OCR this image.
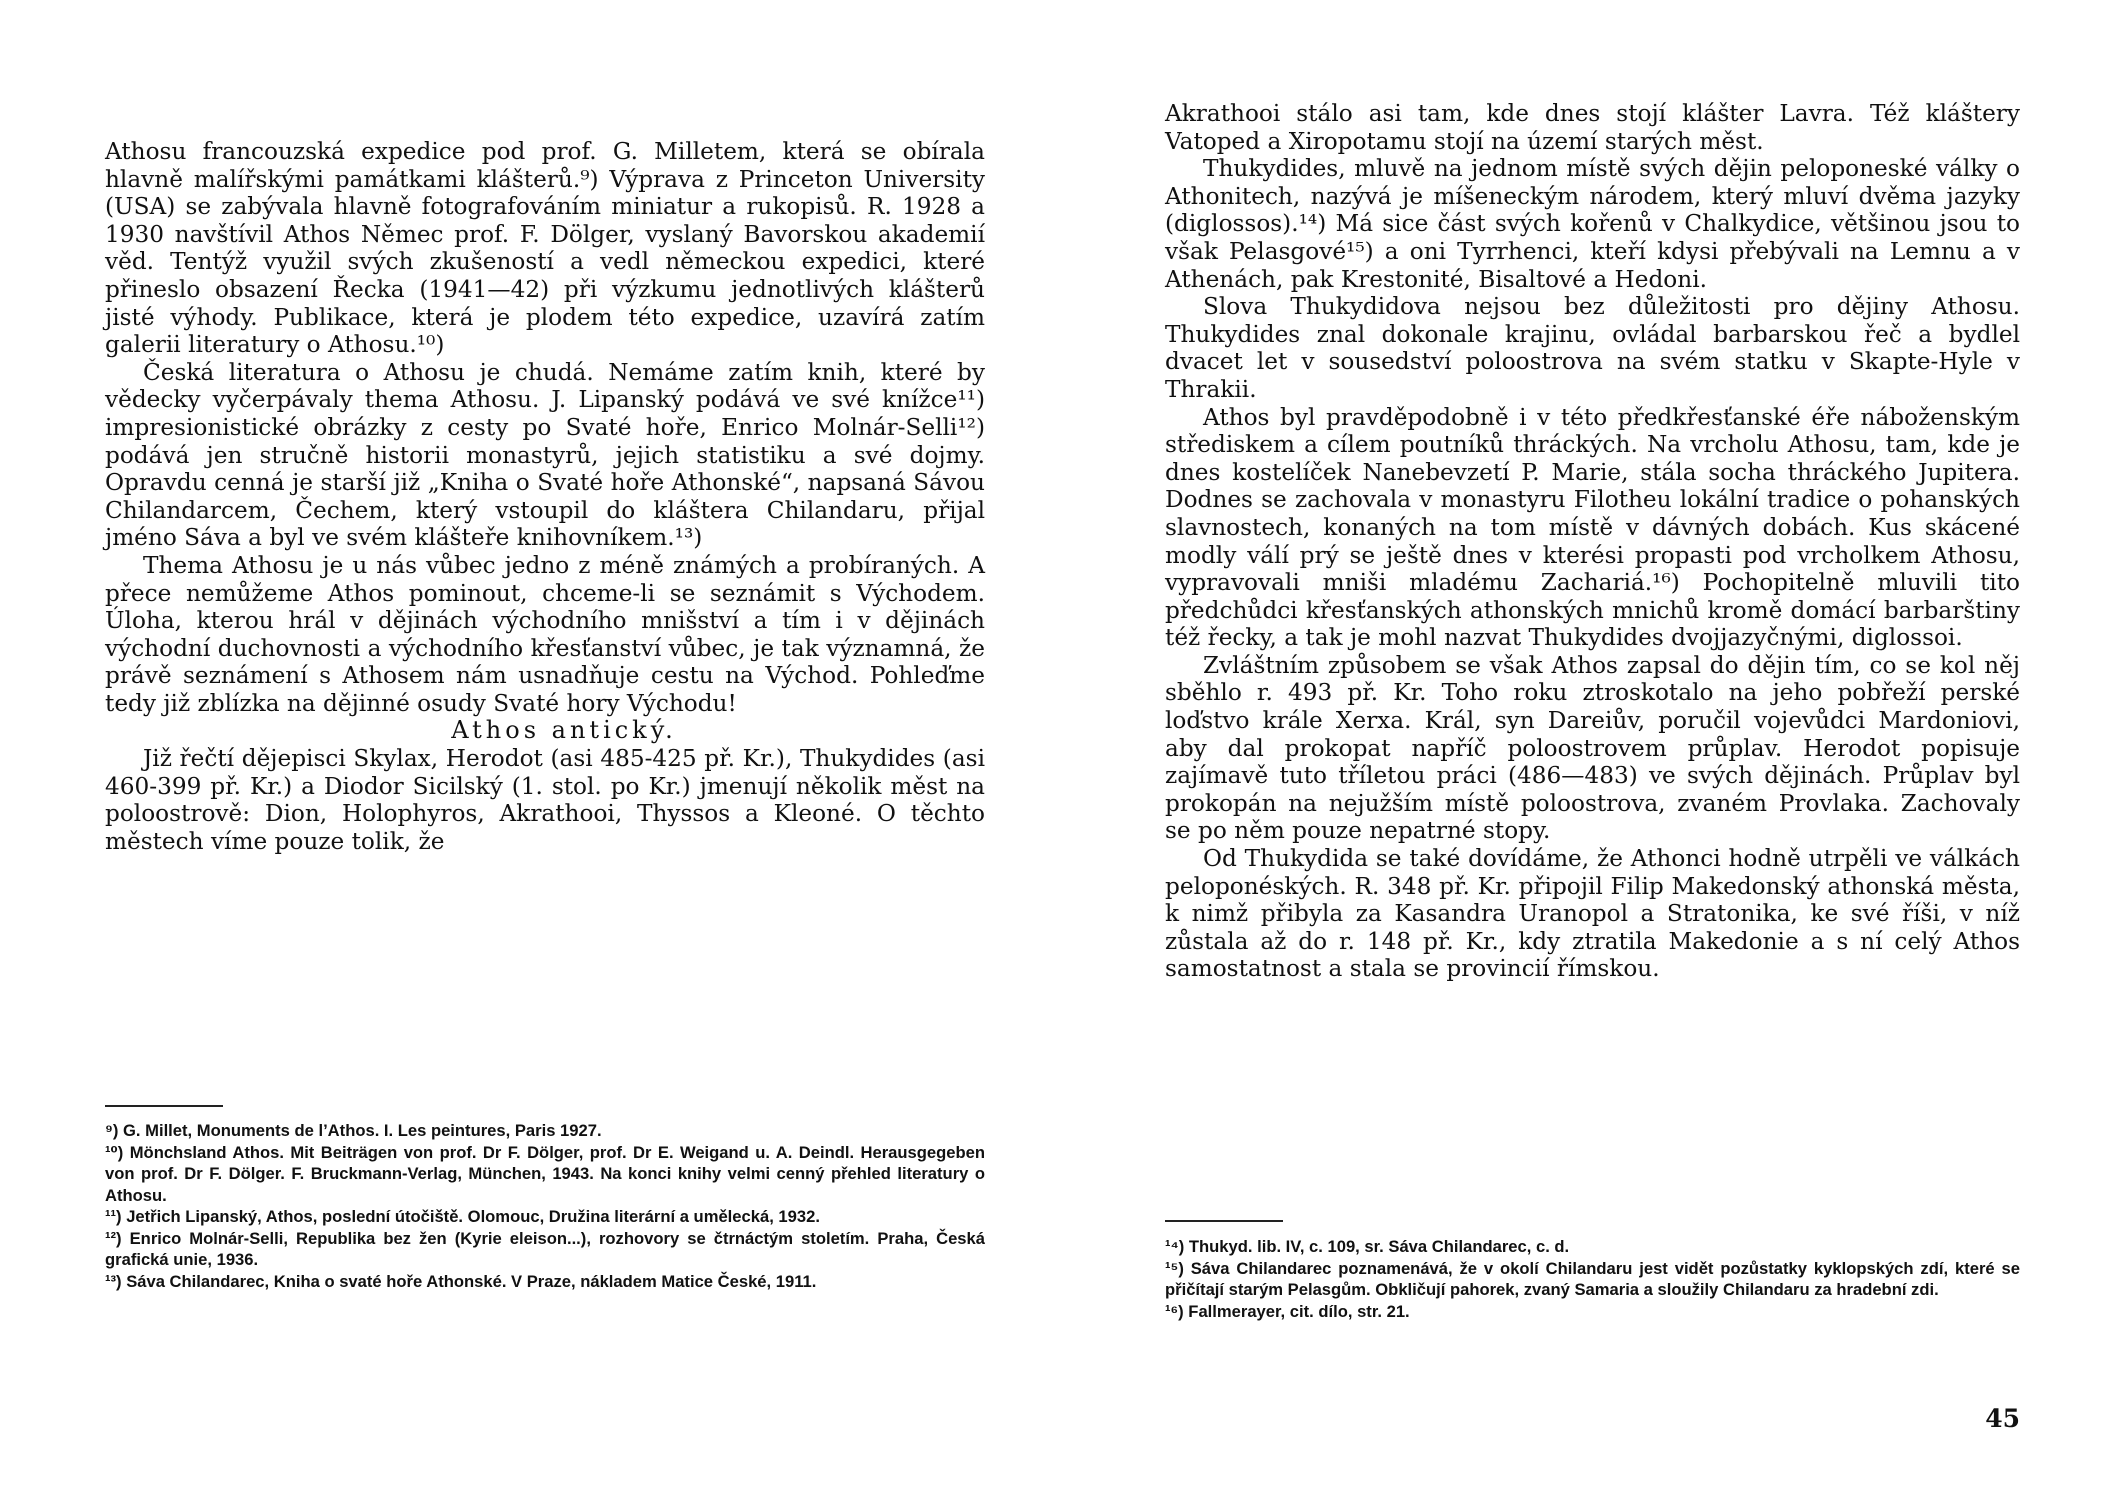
Athosu francouzská expedice pod prof. G. Milletem, která se obírala hlavně malířskými památkami klášterů.⁹) Výprava z Princeton University (USA) se zabývala hlavně fotografováním miniatur a rukopisů. R. 1928 a 1930 navštívil Athos Němec prof. F. Dölger, vyslaný Bavorskou akademií věd. Tentýž využil svých zkušeností a vedl německou expedici, které přineslo obsazení Řecka (1941—42) při výzkumu jednotlivých klášterů jisté výhody. Publikace, která je plodem této expedice, uzavírá zatím galerii literatury o Athosu.¹⁰)

Česká literatura o Athosu je chudá. Nemáme zatím knih, které by vědecky vyčerpávaly thema Athosu. J. Lipanský podává ve své knížce¹¹) impresionistické obrázky z cesty po Svaté hoře, Enrico Molnár-Selli¹²) podává jen stručně historii monastyrů, jejich statistiku a své dojmy. Opravdu cenná je starší již „Kniha o Svaté hoře Athonské“, napsaná Sávou Chilandarcem, Čechem, který vstoupil do kláštera Chilandaru, přijal jméno Sáva a byl ve svém klášteře knihovníkem.¹³)

Thema Athosu je u nás vůbec jedno z méně známých a probíraných. A přece nemůžeme Athos pominout, chceme-li se seznámit s Východem. Úloha, kterou hrál v dějinách východního mnišství a tím i v dějinách východní duchovnosti a východního křesťanství vůbec, je tak významná, že právě seznámení s Athosem nám usnadňuje cestu na Východ. Pohleďme tedy již zblízka na dějinné osudy Svaté hory Východu!

Athos antický.

Již řečtí dějepisci Skylax, Herodot (asi 485-425 př. Kr.), Thukydides (asi 460-399 př. Kr.) a Diodor Sicilský (1. stol. po Kr.) jmenují několik měst na poloostrově: Dion, Holophyros, Akrathooi, Thyssos a Kleoné. O těchto městech víme pouze tolik, že

⁹) G. Millet, Monuments de l’Athos. I. Les peintures, Paris 1927.

¹⁰) Mönchsland Athos. Mit Beiträgen von prof. Dr F. Dölger, prof. Dr E. Weigand u. A. Deindl. Herausgegeben von prof. Dr F. Dölger. F. Bruckmann-Verlag, München, 1943. Na konci knihy velmi cenný přehled literatury o Athosu.

¹¹) Jetřich Lipanský, Athos, poslední útočiště. Olomouc, Družina literární a umělecká, 1932.

¹²) Enrico Molnár-Selli, Republika bez žen (Kyrie eleison...), rozhovory se čtrnáctým stoletím. Praha, Česká grafická unie, 1936.

¹³) Sáva Chilandarec, Kniha o svaté hoře Athonské. V Praze, nákladem Matice České, 1911.

Akrathooi stálo asi tam, kde dnes stojí klášter Lavra. Též kláštery Vatoped a Xiropotamu stojí na území starých měst.

Thukydides, mluvě na jednom místě svých dějin peloponeské války o Athonitech, nazývá je míšeneckým národem, který mluví dvěma jazyky (diglossos).¹⁴) Má sice část svých kořenů v Chalkydice, většinou jsou to však Pelasgové¹⁵) a oni Tyrrhenci, kteří kdysi přebývali na Lemnu a v Athenách, pak Krestonité, Bisaltové a Hedoni.

Slova Thukydidova nejsou bez důležitosti pro dějiny Athosu. Thukydides znal dokonale krajinu, ovládal barbarskou řeč a bydlel dvacet let v sousedství poloostrova na svém statku v Skapte-Hyle v Thrakii.

Athos byl pravděpodobně i v této předkřesťanské éře náboženským střediskem a cílem poutníků thráckých. Na vrcholu Athosu, tam, kde je dnes kostelíček Nanebevzetí P. Marie, stála socha thráckého Jupitera. Dodnes se zachovala v monastyru Filotheu lokální tradice o pohanských slavnostech, konaných na tom místě v dávných dobách. Kus skácené modly válí prý se ještě dnes v kterési propasti pod vrcholkem Athosu, vypravovali mniši mladému Zachariá.¹⁶) Pochopitelně mluvili tito předchůdci křesťanských athonských mnichů kromě domácí barbarštiny též řecky, a tak je mohl nazvat Thukydides dvojjazyčnými, diglossoi.

Zvláštním způsobem se však Athos zapsal do dějin tím, co se kol něj sběhlo r. 493 př. Kr. Toho roku ztroskotalo na jeho pobřeží perské loďstvo krále Xerxa. Král, syn Dareiův, poručil vojevůdci Mardoniovi, aby dal prokopat napříč poloostrovem průplav. Herodot popisuje zajímavě tuto tříletou práci (486—483) ve svých dějinách. Průplav byl prokopán na nejužším místě poloostrova, zvaném Provlaka. Zachovaly se po něm pouze nepatrné stopy.

Od Thukydida se také dovídáme, že Athonci hodně utrpěli ve válkách peloponéských. R. 348 př. Kr. připojil Filip Makedonský athonská města, k nimž přibyla za Kasandra Uranopol a Stratonika, ke své říši, v níž zůstala až do r. 148 př. Kr., kdy ztratila Makedonie a s ní celý Athos samostatnost a stala se provincií římskou.

¹⁴) Thukyd. lib. IV, c. 109, sr. Sáva Chilandarec, c. d.

¹⁵) Sáva Chilandarec poznamenává, že v okolí Chilandaru jest vidět pozůstatky kyklopských zdí, které se přičítají starým Pelasgům. Obkličují pahorek, zvaný Samaria a sloužily Chilandaru za hradební zdi.

¹⁶) Fallmerayer, cit. dílo, str. 21.

45
